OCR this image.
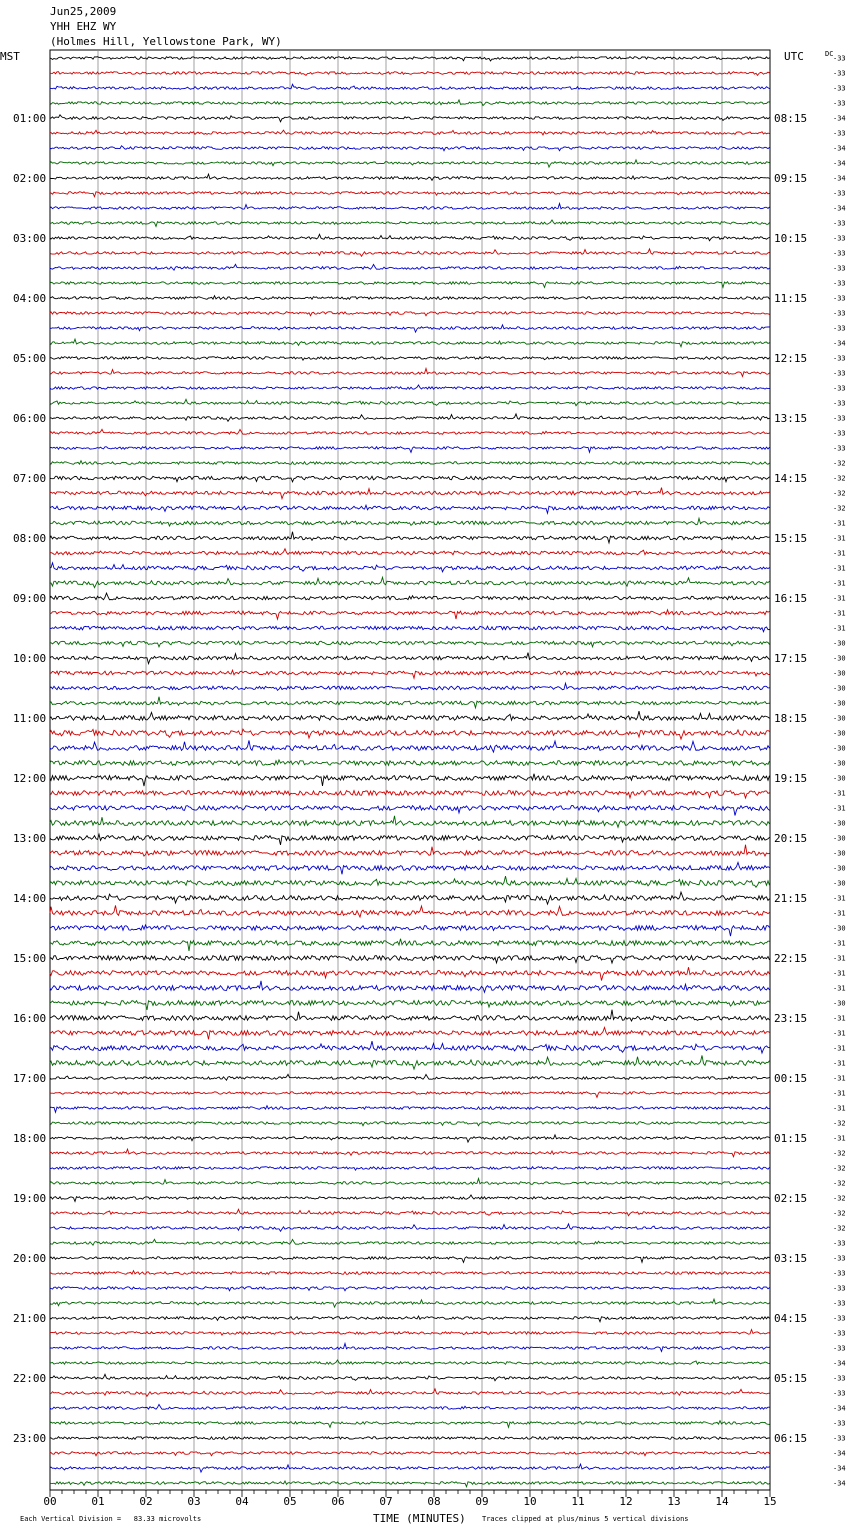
Jun25,2009
YHH EHZ WY
(Holmes Hill, Yellowstone Park, WY)
MST	UTC	DC
-33
-33
-33
-33
-34
-33
-34
-34
-34
-33
-34
-33
-33
-33
-33
-33
-33
-33
-33
-34
-33
-33
-33
-33
-33
-33
-33
-32
-32
-32
-32
-31
-31
-31
-31
-31
-31
-31
-31
-30
-30
-30
-30
-30
-30
-30
-30
-30
-30
-31
-31
-30
-30
-30
-30
-30
-31
-31
-30
-31
-31
-31
-31
-30
-31
-31
-31
-31
-31
-31
-31
-32
-31
-32
-32
-32
-32
-32
-32
-33
-33
-33
-33
-33
-33
-33
-33
-34
-33
-33
-34
-33
-33
-34
-34
-34
01:00
02:00
03:00
04:00
05:00
06:00
07:00
08:00
09:00
10:00
11:00
12:00
13:00
14:00
15:00
16:00
17:00
18:00
19:00
20:00
21:00
22:00
23:00
08:15
09:15
10:15
11:15
12:15
13:15
14:15
15:15
16:15
17:15
18:15
19:15
20:15
21:15
22:15
23:15
00:15
01:15
02:15
03:15
04:15
05:15
06:15
00	01	02	03	04	05	06	07	08	09	10	11	12	13	14	15
Each Vertical Division =   83.33 microvolts	TIME (MINUTES) Traces clipped at plus/minus 5 vertical divisions
